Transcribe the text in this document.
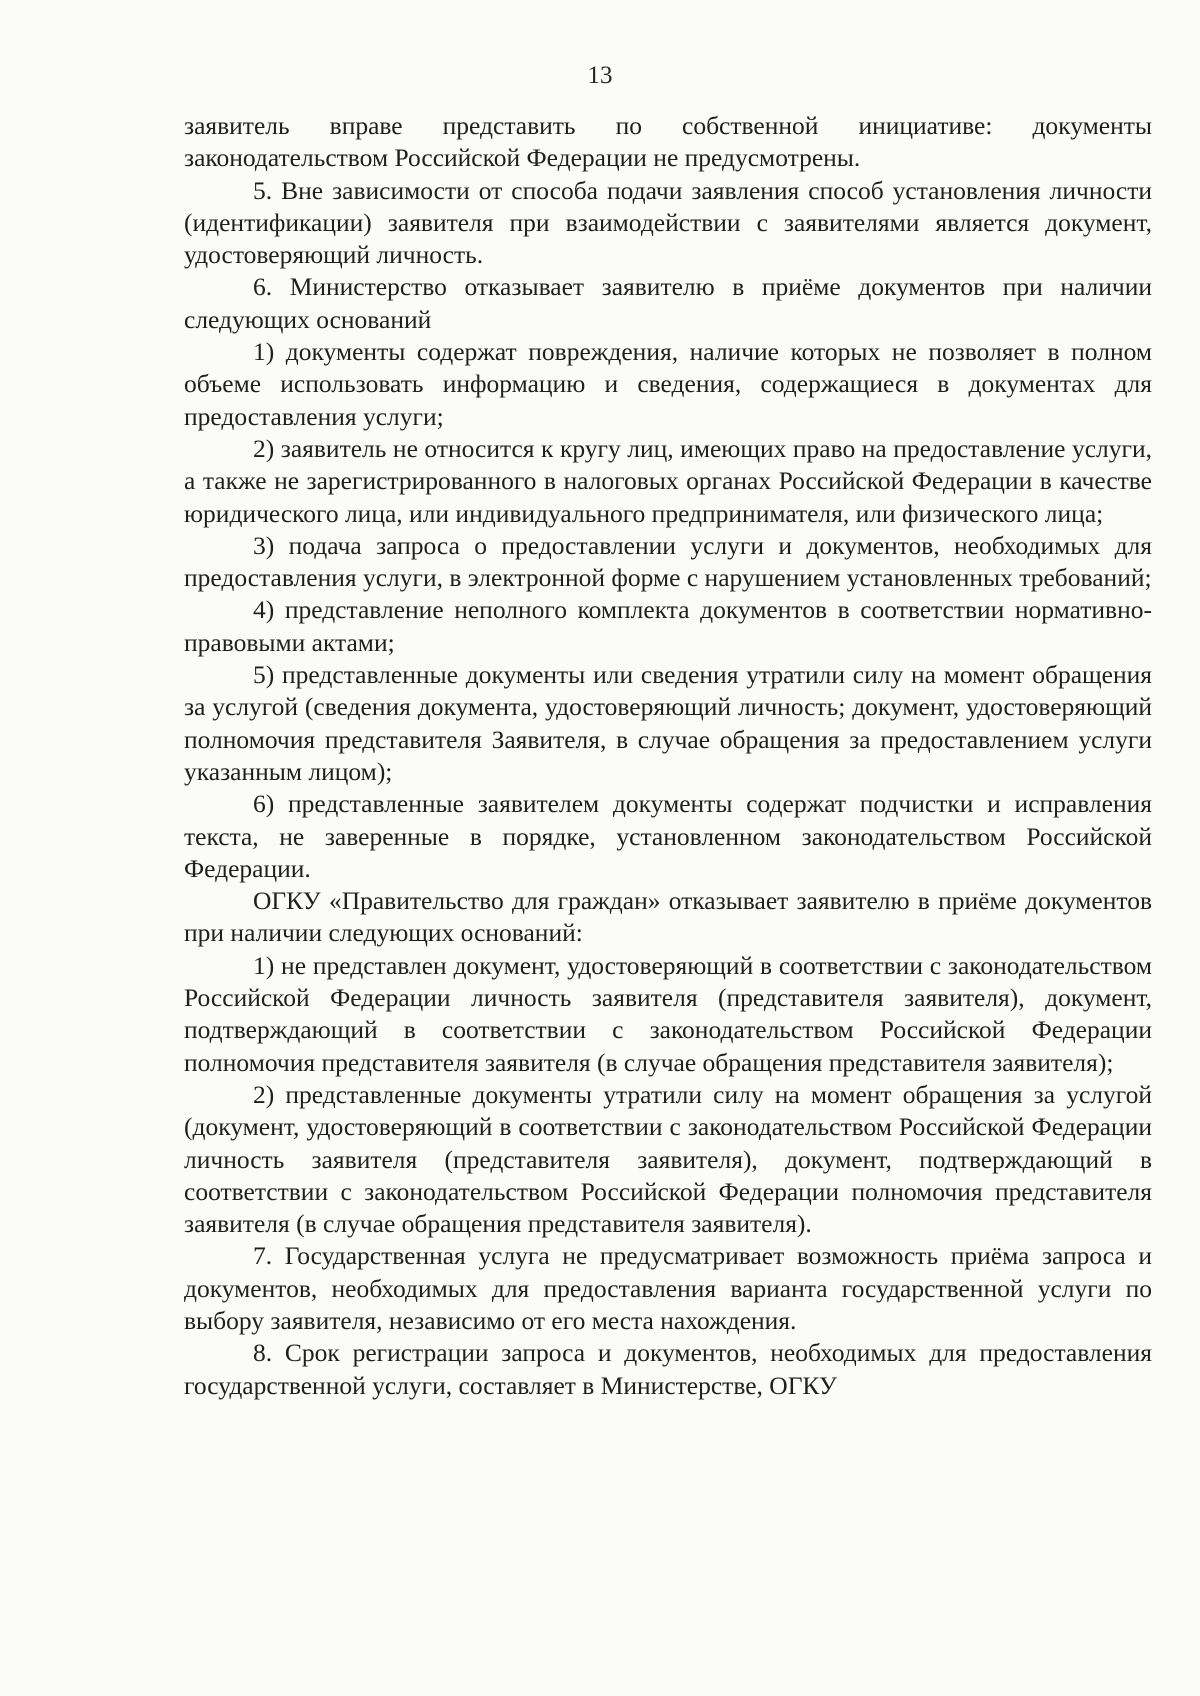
13

заявитель вправе представить по собственной инициативе: документы законодательством Российской Федерации не предусмотрены.

5. Вне зависимости от способа подачи заявления способ установления личности (идентификации) заявителя при взаимодействии с заявителями является документ, удостоверяющий личность.

6. Министерство отказывает заявителю в приёме документов при наличии следующих оснований

1) документы содержат повреждения, наличие которых не позволяет в полном объеме использовать информацию и сведения, содержащиеся в документах для предоставления услуги;

2) заявитель не относится к кругу лиц, имеющих право на предоставление услуги, а также не зарегистрированного в налоговых органах Российской Федерации в качестве юридического лица, или индивидуального предпринимателя, или физического лица;

3) подача запроса о предоставлении услуги и документов, необходимых для предоставления услуги, в электронной форме с нарушением установленных требований;

4) представление неполного комплекта документов в соответствии нормативно-правовыми актами;

5) представленные документы или сведения утратили силу на момент обращения за услугой (сведения документа, удостоверяющий личность; документ, удостоверяющий полномочия представителя Заявителя, в случае обращения за предоставлением услуги указанным лицом);

6) представленные заявителем документы содержат подчистки и исправления текста, не заверенные в порядке, установленном законодательством Российской Федерации.

ОГКУ «Правительство для граждан» отказывает заявителю в приёме документов при наличии следующих оснований:

1) не представлен документ, удостоверяющий в соответствии с законодательством Российской Федерации личность заявителя (представителя заявителя), документ, подтверждающий в соответствии с законодательством Российской Федерации полномочия представителя заявителя (в случае обращения представителя заявителя);

2) представленные документы утратили силу на момент обращения за услугой (документ, удостоверяющий в соответствии с законодательством Российской Федерации личность заявителя (представителя заявителя), документ, подтверждающий в соответствии с законодательством Российской Федерации полномочия представителя заявителя (в случае обращения представителя заявителя).

7. Государственная услуга не предусматривает возможность приёма запроса и документов, необходимых для предоставления варианта государственной услуги по выбору заявителя, независимо от его места нахождения.

8. Срок регистрации запроса и документов, необходимых для предоставления государственной услуги, составляет в Министерстве, ОГКУ
